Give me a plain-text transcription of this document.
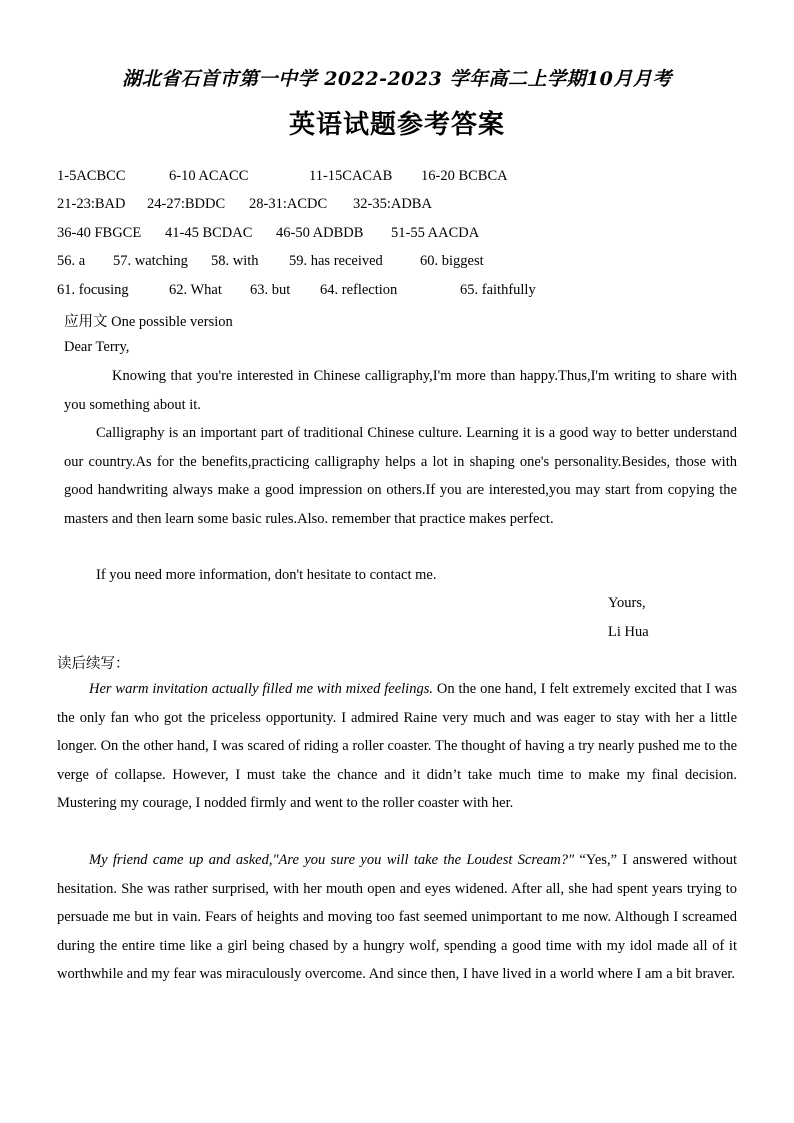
湖北省石首市第一中学 2022-2023 学年高二上学期10月月考
英语试题参考答案
1-5ACBCC	6-10 ACACC	11-15CACAB 16-20 BCBCA
21-23:BAD 24-27:BDDC 28-31:ACDC 32-35:ADBA
36-40 FBGCE 41-45 BCDAC 46-50 ADBDB 51-55 AACDA
56. a 57. watching 58. with 59. has received	60. biggest
61. focusing	62. What 63. but 64. reflection	65. faithfully
应用文 One possible version
Dear Terry,

Knowing that you're interested in Chinese calligraphy,I'm more than happy.Thus,I'm writing to share with you something about it.

Calligraphy is an important part of traditional Chinese culture. Learning it is a good way to better understand our country.As for the benefits,practicing calligraphy helps a lot in shaping one's personality.Besides, those with good handwriting always make a good impression on others.If you are interested,you may start from copying the masters and then learn some basic rules.Also. remember that practice makes perfect.

If you need more information, don't hesitate to contact me.

Yours,
Li Hua
读后续写：

Her warm invitation actually filled me with mixed feelings. On the one hand, I felt extremely excited that I was the only fan who got the priceless opportunity. I admired Raine very much and was eager to stay with her a little longer. On the other hand, I was scared of riding a roller coaster. The thought of having a try nearly pushed me to the verge of collapse. However, I must take the chance and it didn’t take much time to make my final decision. Mustering my courage, I nodded firmly and went to the roller coaster with her.

My friend came up and asked,"Are you sure you will take the Loudest Scream?" “Yes,” I answered without hesitation. She was rather surprised, with her mouth open and eyes widened. After all, she had spent years trying to persuade me but in vain. Fears of heights and moving too fast seemed unimportant to me now. Although I screamed during the entire time like a girl being chased by a hungry wolf, spending a good time with my idol made all of it worthwhile and my fear was miraculously overcome. And since then, I have lived in a world where I am a bit braver.
